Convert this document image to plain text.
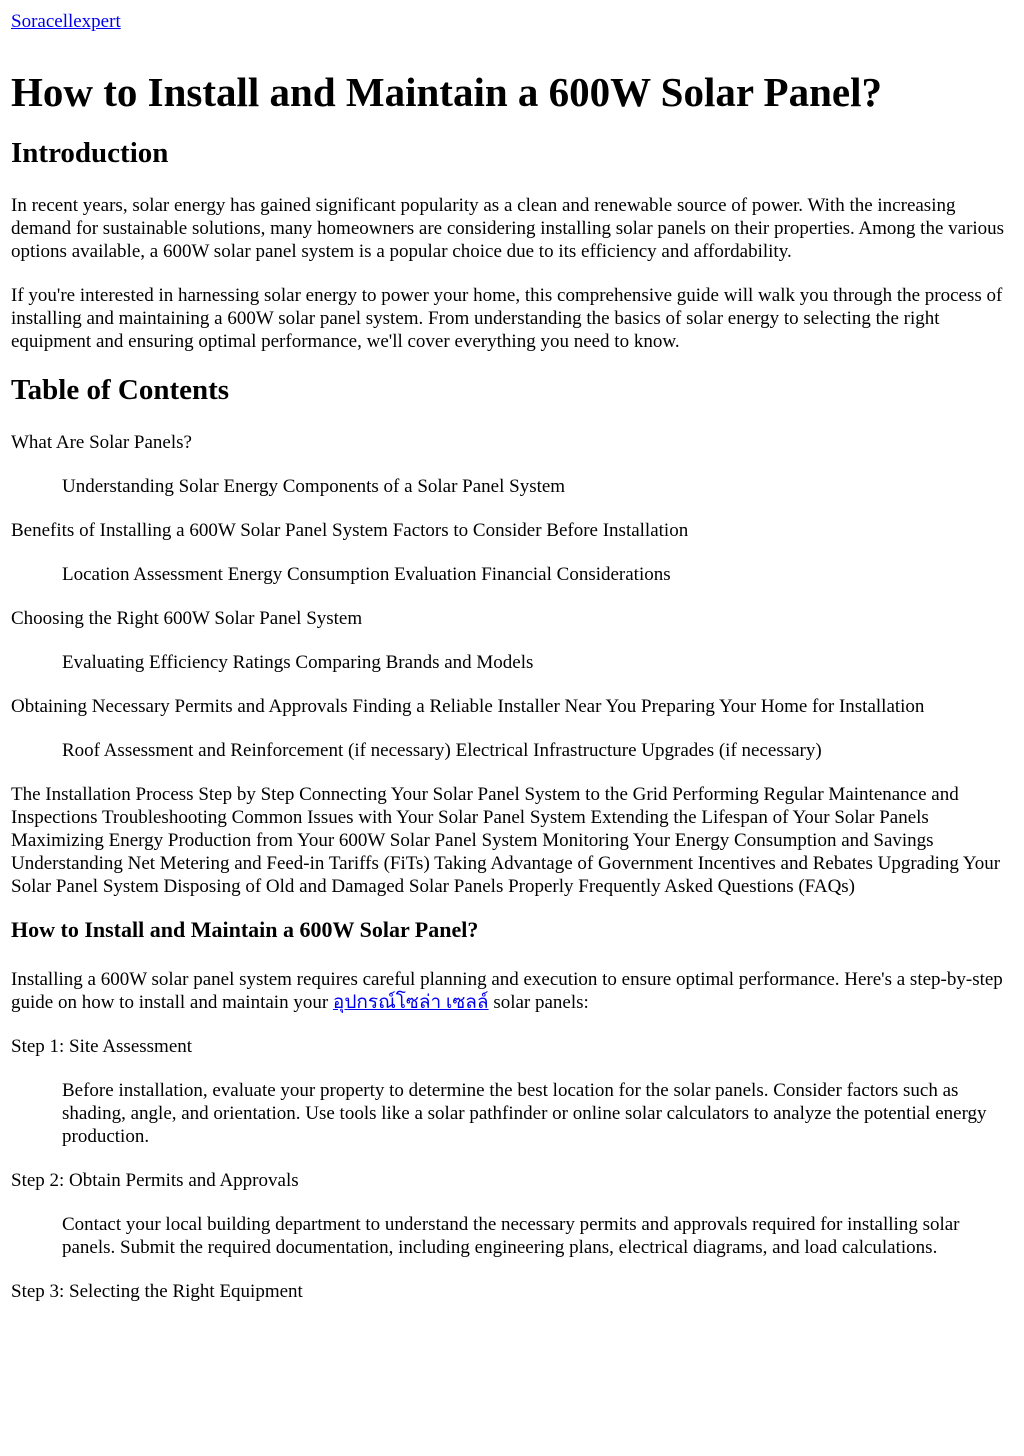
Soracellexpert
How to Install and Maintain a 600W Solar Panel?
Introduction

In recent years, solar energy has gained significant popularity as a clean and renewable source of power. With the increasing demand for sustainable solutions, many homeowners are considering installing solar panels on their properties. Among the various options available, a 600W solar panel system is a popular choice due to its efficiency and affordability.

If you're interested in harnessing solar energy to power your home, this comprehensive guide will walk you through the process of installing and maintaining a 600W solar panel system. From understanding the basics of solar energy to selecting the right equipment and ensuring optimal performance, we'll cover everything you need to know.

Table of Contents

What Are Solar Panels?

Understanding Solar Energy Components of a Solar Panel System

Benefits of Installing a 600W Solar Panel System Factors to Consider Before Installation

Location Assessment Energy Consumption Evaluation Financial Considerations

Choosing the Right 600W Solar Panel System

Evaluating Efficiency Ratings Comparing Brands and Models

Obtaining Necessary Permits and Approvals Finding a Reliable Installer Near You Preparing Your Home for Installation

Roof Assessment and Reinforcement (if necessary) Electrical Infrastructure Upgrades (if necessary)

The Installation Process Step by Step Connecting Your Solar Panel System to the Grid Performing Regular Maintenance and Inspections Troubleshooting Common Issues with Your Solar Panel System Extending the Lifespan of Your Solar Panels Maximizing Energy Production from Your 600W Solar Panel System Monitoring Your Energy Consumption and Savings Understanding Net Metering and Feed-in Tariffs (FiTs) Taking Advantage of Government Incentives and Rebates Upgrading Your Solar Panel System Disposing of Old and Damaged Solar Panels Properly Frequently Asked Questions (FAQs)

How to Install and Maintain a 600W Solar Panel?

Installing a 600W solar panel system requires careful planning and execution to ensure optimal performance. Here's a step-by-step guide on how to install and maintain your อุปกรณ์โซล่า เซลล์ solar panels:

Step 1: Site Assessment

Before installation, evaluate your property to determine the best location for the solar panels. Consider factors such as shading, angle, and orientation. Use tools like a solar pathfinder or online solar calculators to analyze the potential energy production.

Step 2: Obtain Permits and Approvals

Contact your local building department to understand the necessary permits and approvals required for installing solar panels. Submit the required documentation, including engineering plans, electrical diagrams, and load calculations.

Step 3: Selecting the Right Equipment
